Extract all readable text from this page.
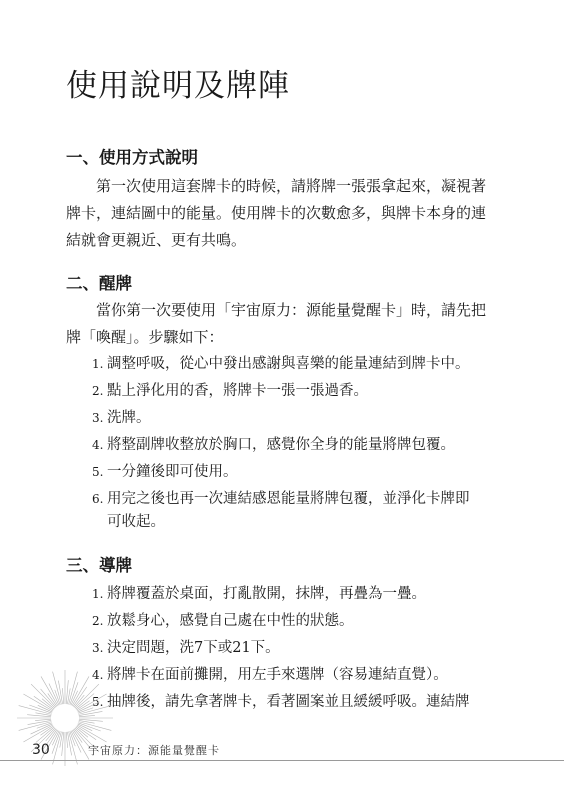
使用說明及牌陣
一、使用方式說明

第一次使用這套牌卡的時候，請將牌一張張拿起來，凝視著
牌卡，連結圖中的能量。使用牌卡的次數愈多，與牌卡本身的連
結就會更親近、更有共鳴。

二、醒牌

當你第一次要使用「宇宙原力：源能量覺醒卡」時，請先把
牌「喚醒」。步驟如下：

1. 調整呼吸，從心中發出感謝與喜樂的能量連結到牌卡中。
2. 點上淨化用的香，將牌卡一張一張過香。
3. 洗牌。
4. 將整副牌收整放於胸口，感覺你全身的能量將牌包覆。
5. 一分鐘後即可使用。
6. 用完之後也再一次連結感恩能量將牌包覆，並淨化卡牌即
可收起。
三、導牌
1. 將牌覆蓋於桌面，打亂散開，抹牌，再疊為一疊。
2. 放鬆身心，感覺自己處在中性的狀態。
3. 決定問題，洗7下或21下。
4. 將牌卡在面前攤開，用左手來選牌（容易連結直覺）。
5. 抽牌後，請先拿著牌卡，看著圖案並且緩緩呼吸。連結牌
30	宇宙原力：源能量覺醒卡
